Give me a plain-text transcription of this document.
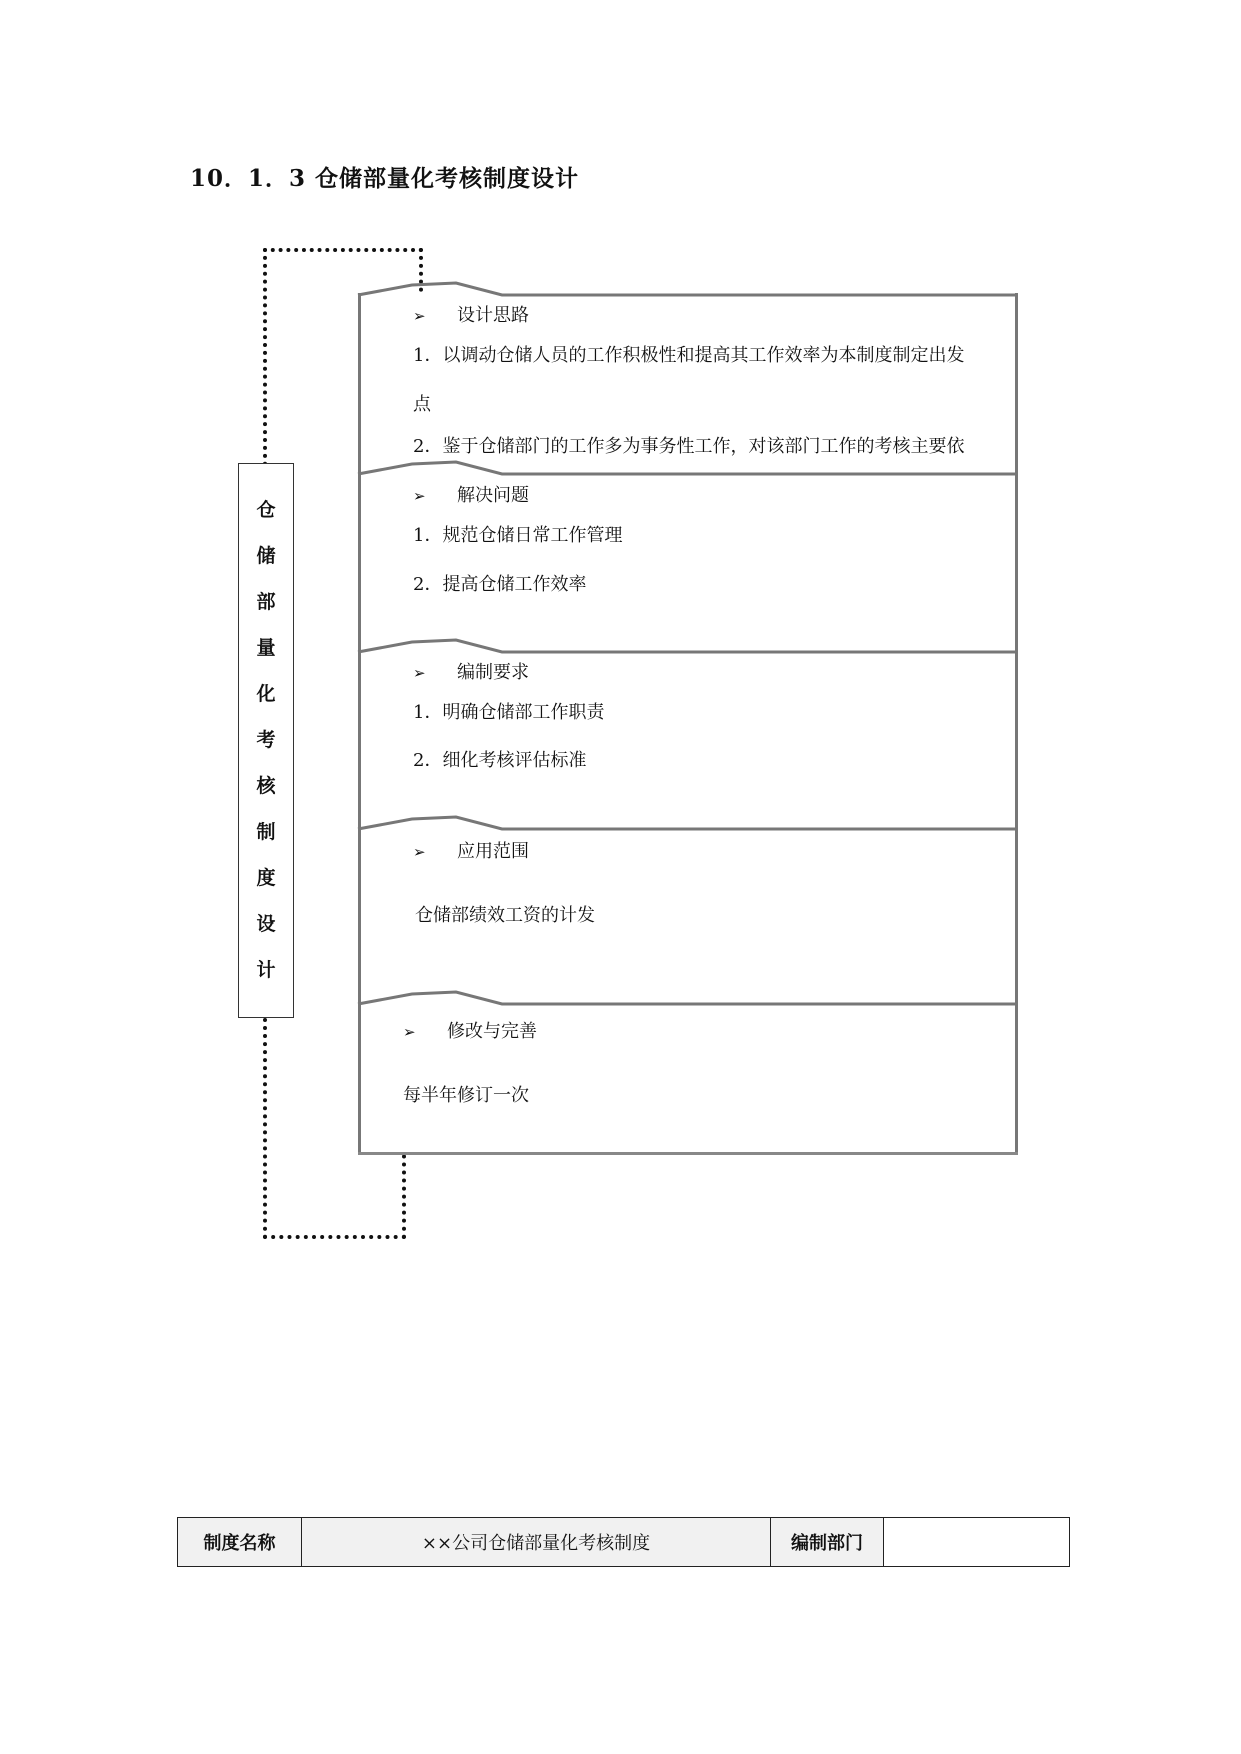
10．1．3 仓储部量化考核制度设计
仓
储
部
量
化
考
核
制
度
设
计
➢ 设计思路
1．以调动仓储人员的工作积极性和提高其工作效率为本制度制定出发
点
2．鉴于仓储部门的工作多为事务性工作，对该部门工作的考核主要依
➢ 解决问题
1．规范仓储日常工作管理
2．提高仓储工作效率
➢ 编制要求
1．明确仓储部工作职责
2．细化考核评估标准
➢ 应用范围
仓储部绩效工资的计发
➢ 修改与完善
每半年修订一次
制度名称	××公司仓储部量化考核制度	编制部门	
